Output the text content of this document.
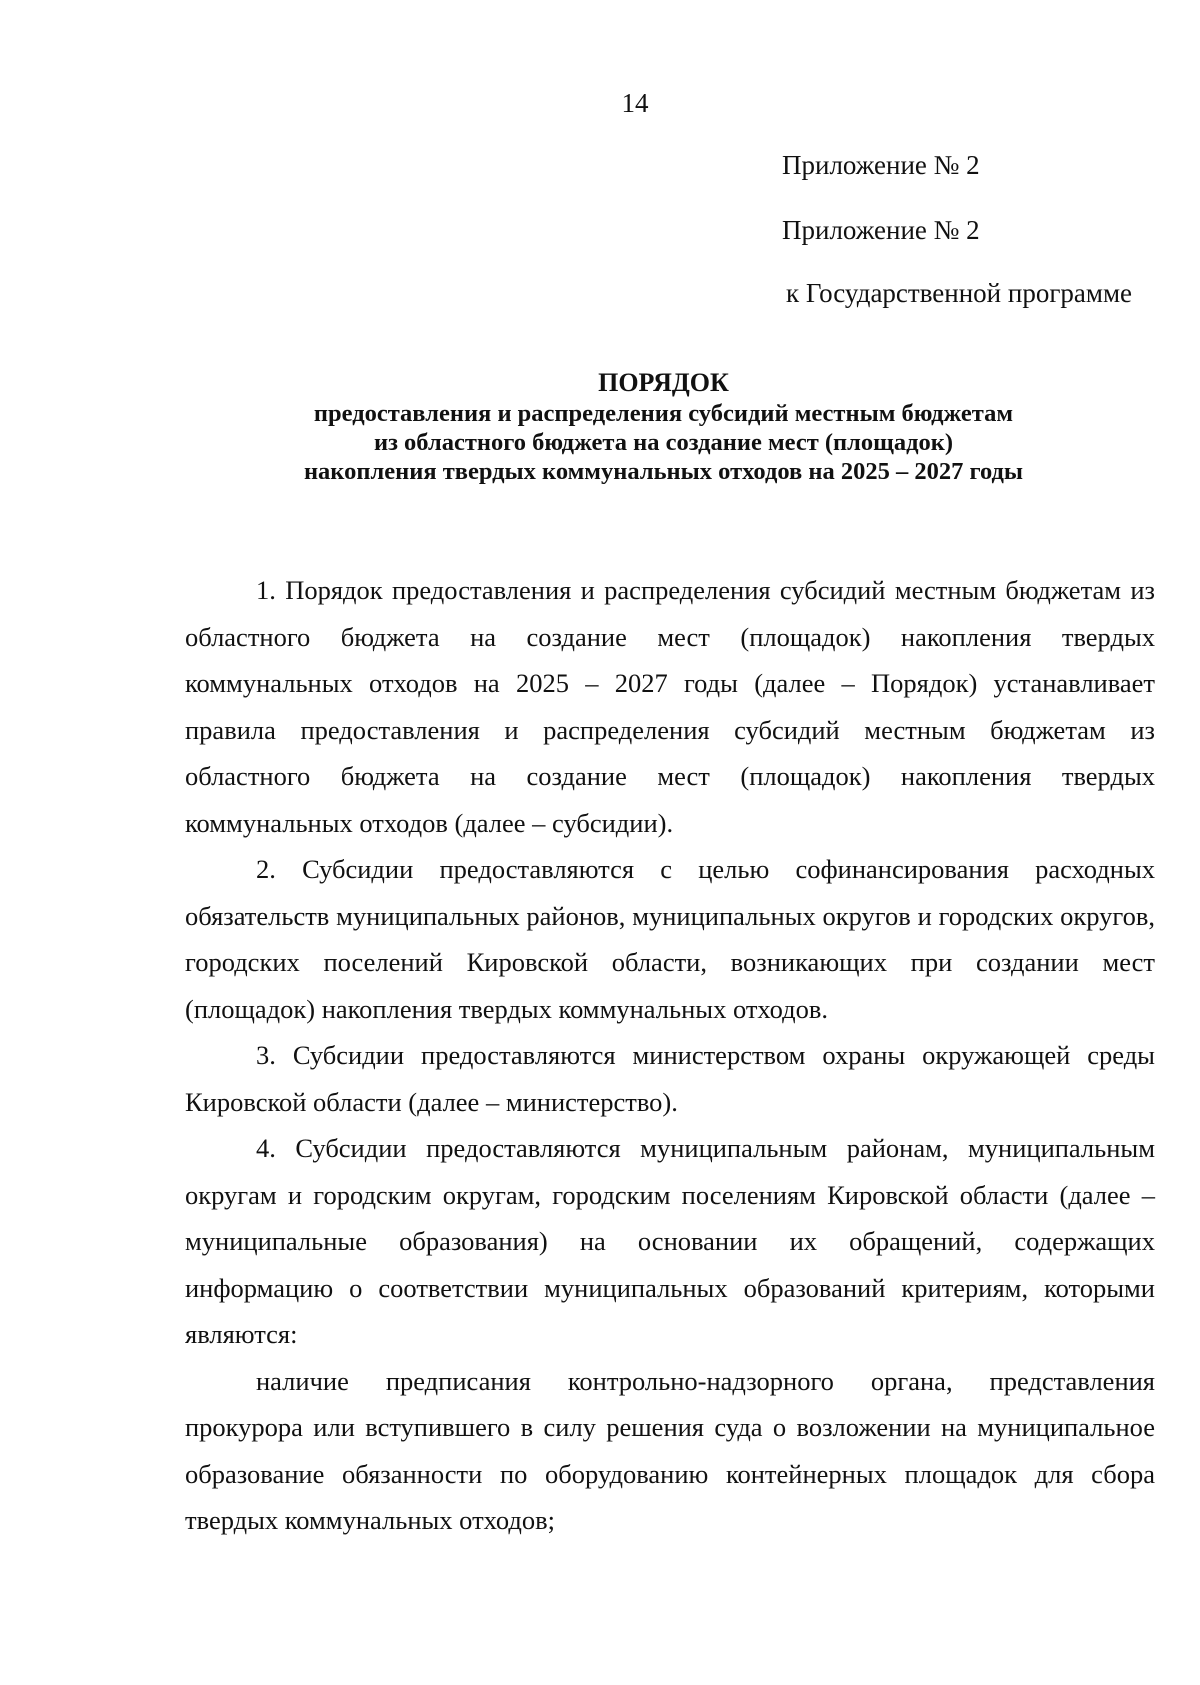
14
Приложение № 2
Приложение № 2
к Государственной программе
ПОРЯДОК
предоставления и распределения субсидий местным бюджетам
из областного бюджета на создание мест (площадок)
накопления твердых коммунальных отходов на 2025 – 2027 годы

1. Порядок предоставления и распределения субсидий местным бюджетам из областного бюджета на создание мест (площадок) накопления твердых коммунальных отходов на 2025 – 2027 годы (далее – Порядок) устанавливает правила предоставления и распределения субсидий местным бюджетам из областного бюджета на создание мест (площадок) накопления твердых коммунальных отходов (далее – субсидии).

2. Субсидии предоставляются с целью софинансирования расходных обязательств муниципальных районов, муниципальных округов и городских округов, городских поселений Кировской области, возникающих при создании мест (площадок) накопления твердых коммунальных отходов.

3. Субсидии предоставляются министерством охраны окружающей среды Кировской области (далее – министерство).

4. Субсидии предоставляются муниципальным районам, муниципальным округам и городским округам, городским поселениям Кировской области (далее – муниципальные образования) на основании их обращений, содержащих информацию о соответствии муниципальных образований критериям, которыми являются:

наличие предписания контрольно-надзорного органа, представления прокурора или вступившего в силу решения суда о возложении на муниципальное образование обязанности по оборудованию контейнерных площадок для сбора твердых коммунальных отходов;
